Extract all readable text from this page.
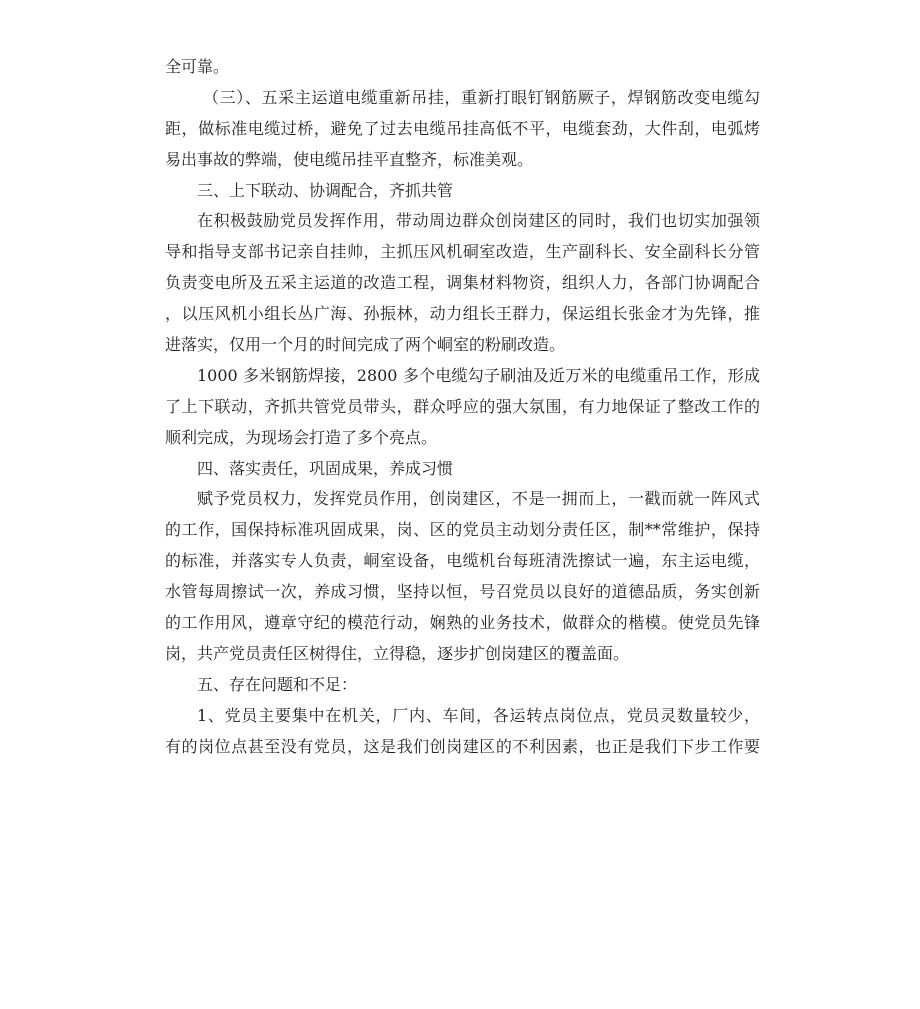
全可靠。
（三）、五采主运道电缆重新吊挂，重新打眼钉钢筋厥子，焊钢筋改变电缆勾
距，做标准电缆过桥，避免了过去电缆吊挂高低不平，电缆套劲，大件刮，电弧烤
易出事故的弊端，使电缆吊挂平直整齐，标准美观。
三、上下联动、协调配合，齐抓共管
在积极鼓励党员发挥作用，带动周边群众创岗建区的同时，我们也切实加强领
导和指导支部书记亲自挂帅，主抓压风机硐室改造，生产副科长、安全副科长分管
负责变电所及五采主运道的改造工程，调集材料物资，组织人力，各部门协调配合
，以压风机小组长丛广海、孙振林，动力组长王群力，保运组长张金才为先锋，推
进落实，仅用一个月的时间完成了两个峒室的粉刷改造。
1000 多米钢筋焊接，2800 多个电缆勾子刷油及近万米的电缆重吊工作，形成
了上下联动，齐抓共管党员带头，群众呼应的强大氛围，有力地保证了整改工作的
顺利完成，为现场会打造了多个亮点。
四、落实责任，巩固成果，养成习惯
赋予党员权力，发挥党员作用，创岗建区，不是一拥而上，一戳而就一阵风式
的工作，国保持标准巩固成果，岗、区的党员主动划分责任区，制**常维护，保持
的标准，并落实专人负责，峒室设备，电缆机台每班清洗擦试一遍，东主运电缆，
水管每周擦试一次，养成习惯，坚持以恒，号召党员以良好的道德品质，务实创新
的工作用风，遵章守纪的模范行动，娴熟的业务技术，做群众的楷模。使党员先锋
岗，共产党员责任区树得住，立得稳，逐步扩创岗建区的覆盖面。
五、存在问题和不足：
1、党员主要集中在机关，厂内、车间，各运转点岗位点，党员灵数量较少，
有的岗位点甚至没有党员，这是我们创岗建区的不利因素，也正是我们下步工作要
